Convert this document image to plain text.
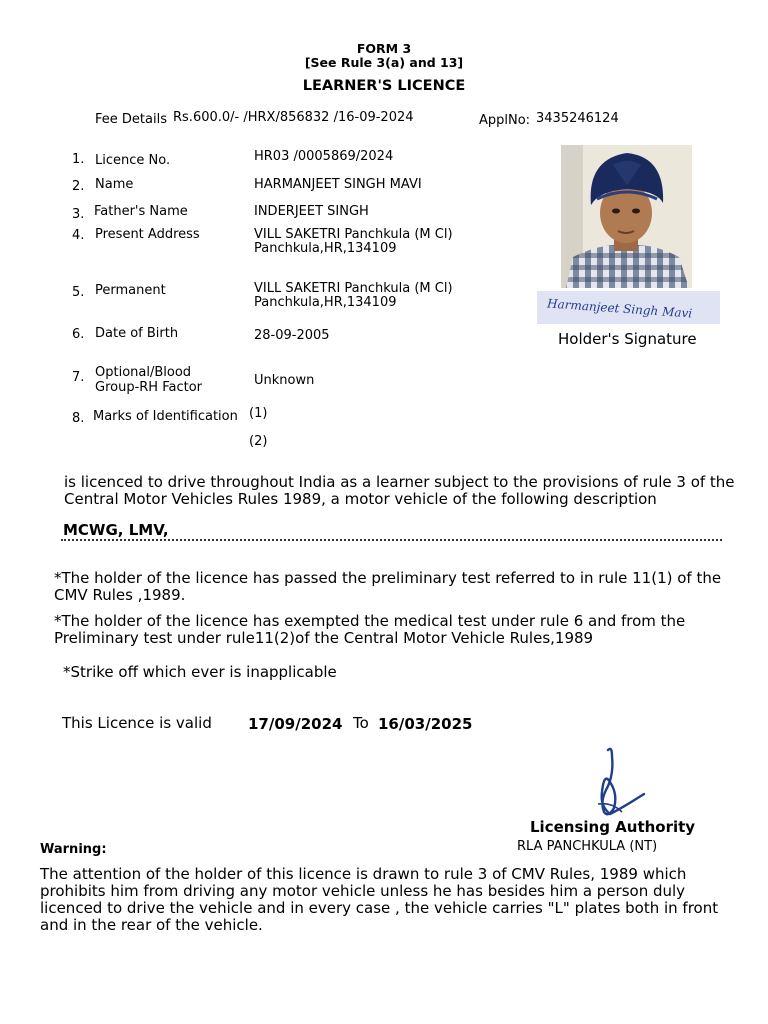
FORM 3
[See Rule 3(a) and 13]
LEARNER'S LICENCE
Fee Details Rs.600.0/- /HRX/856832 /16-09-2024	ApplNo: 3435246124
1. Licence No.	HR03 /0005869/2024
2. Name	HARMANJEET SINGH MAVI
3. Father's Name	INDERJEET SINGH
4. Present Address	VILL SAKETRI Panchkula (M Cl)
Panchkula,HR,134109
5. Permanent	VILL SAKETRI Panchkula (M Cl)
Panchkula,HR,134109
6. Date of Birth	28-09-2005
7. Optional/Blood
Group-RH Factor	Unknown
8. Marks of Identification (1)
(2)
Harmanjeet Singh Mavi
Holder's Signature
is licenced to drive throughout India as a learner subject to the provisions of rule 3 of the Central Motor Vehicles Rules 1989, a motor vehicle of the following description
MCWG, LMV,
*The holder of the licence has passed the preliminary test referred to in rule 11(1) of the CMV Rules ,1989.
*The holder of the licence has exempted the medical test under rule 6 and from the Preliminary test under rule11(2)of the Central Motor Vehicle Rules,1989
*Strike off which ever is inapplicable
This Licence is valid 17/09/2024 To 16/03/2025
Licensing Authority
RLA PANCHKULA (NT)
Warning:
The attention of the holder of this licence is drawn to rule 3 of CMV Rules, 1989 which prohibits him from driving any motor vehicle unless he has besides him a person duly licenced to drive the vehicle and in every case , the vehicle carries "L" plates both in front and in the rear of the vehicle.
